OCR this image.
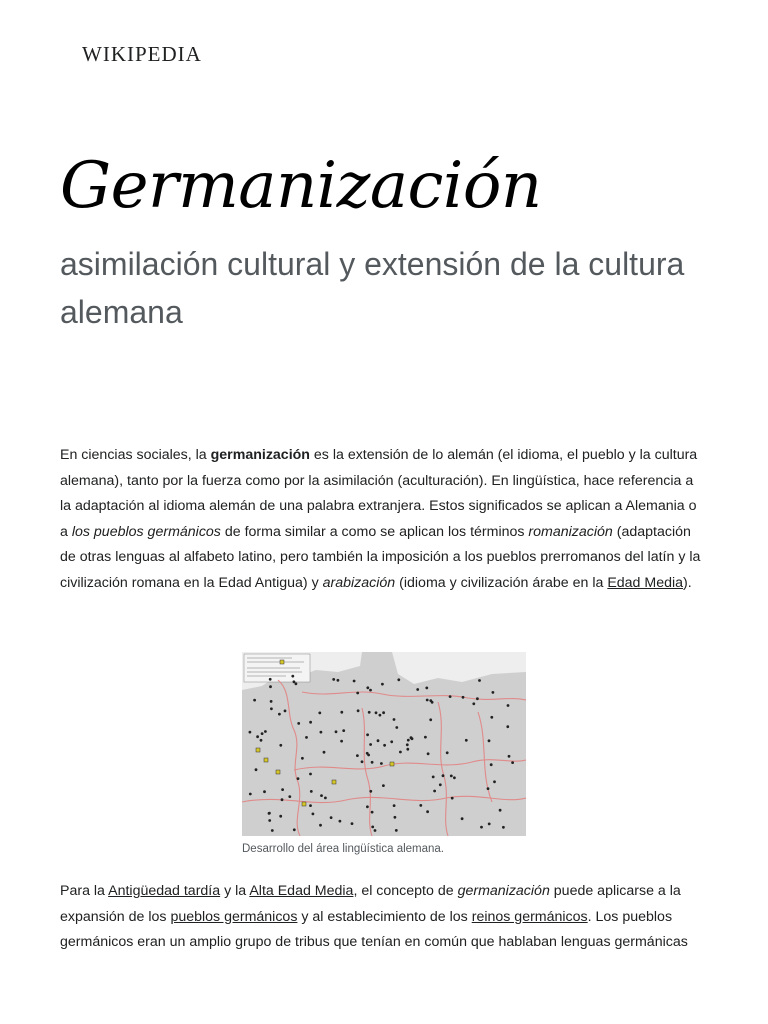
WIKIPEDIA
Germanización
asimilación cultural y extensión de la cultura alemana

En ciencias sociales, la germanización es la extensión de lo alemán (el idioma, el pueblo y la cultura alemana), tanto por la fuerza como por la asimilación (aculturación). En lingüística, hace referencia a la adaptación al idioma alemán de una palabra extranjera. Estos significados se aplican a Alemania o a los pueblos germánicos de forma similar a como se aplican los términos romanización (adaptación de otras lenguas al alfabeto latino, pero también la imposición a los pueblos prerromanos del latín y la civilización romana en la Edad Antigua) y arabización (idioma y civilización árabe en la Edad Media).

Desarrollo del área lingüística alemana.

Para la Antigüedad tardía y la Alta Edad Media, el concepto de germanización puede aplicarse a la expansión de los pueblos germánicos y al establecimiento de los reinos germánicos. Los pueblos germánicos eran un amplio grupo de tribus que tenían en común que hablaban lenguas germánicas
